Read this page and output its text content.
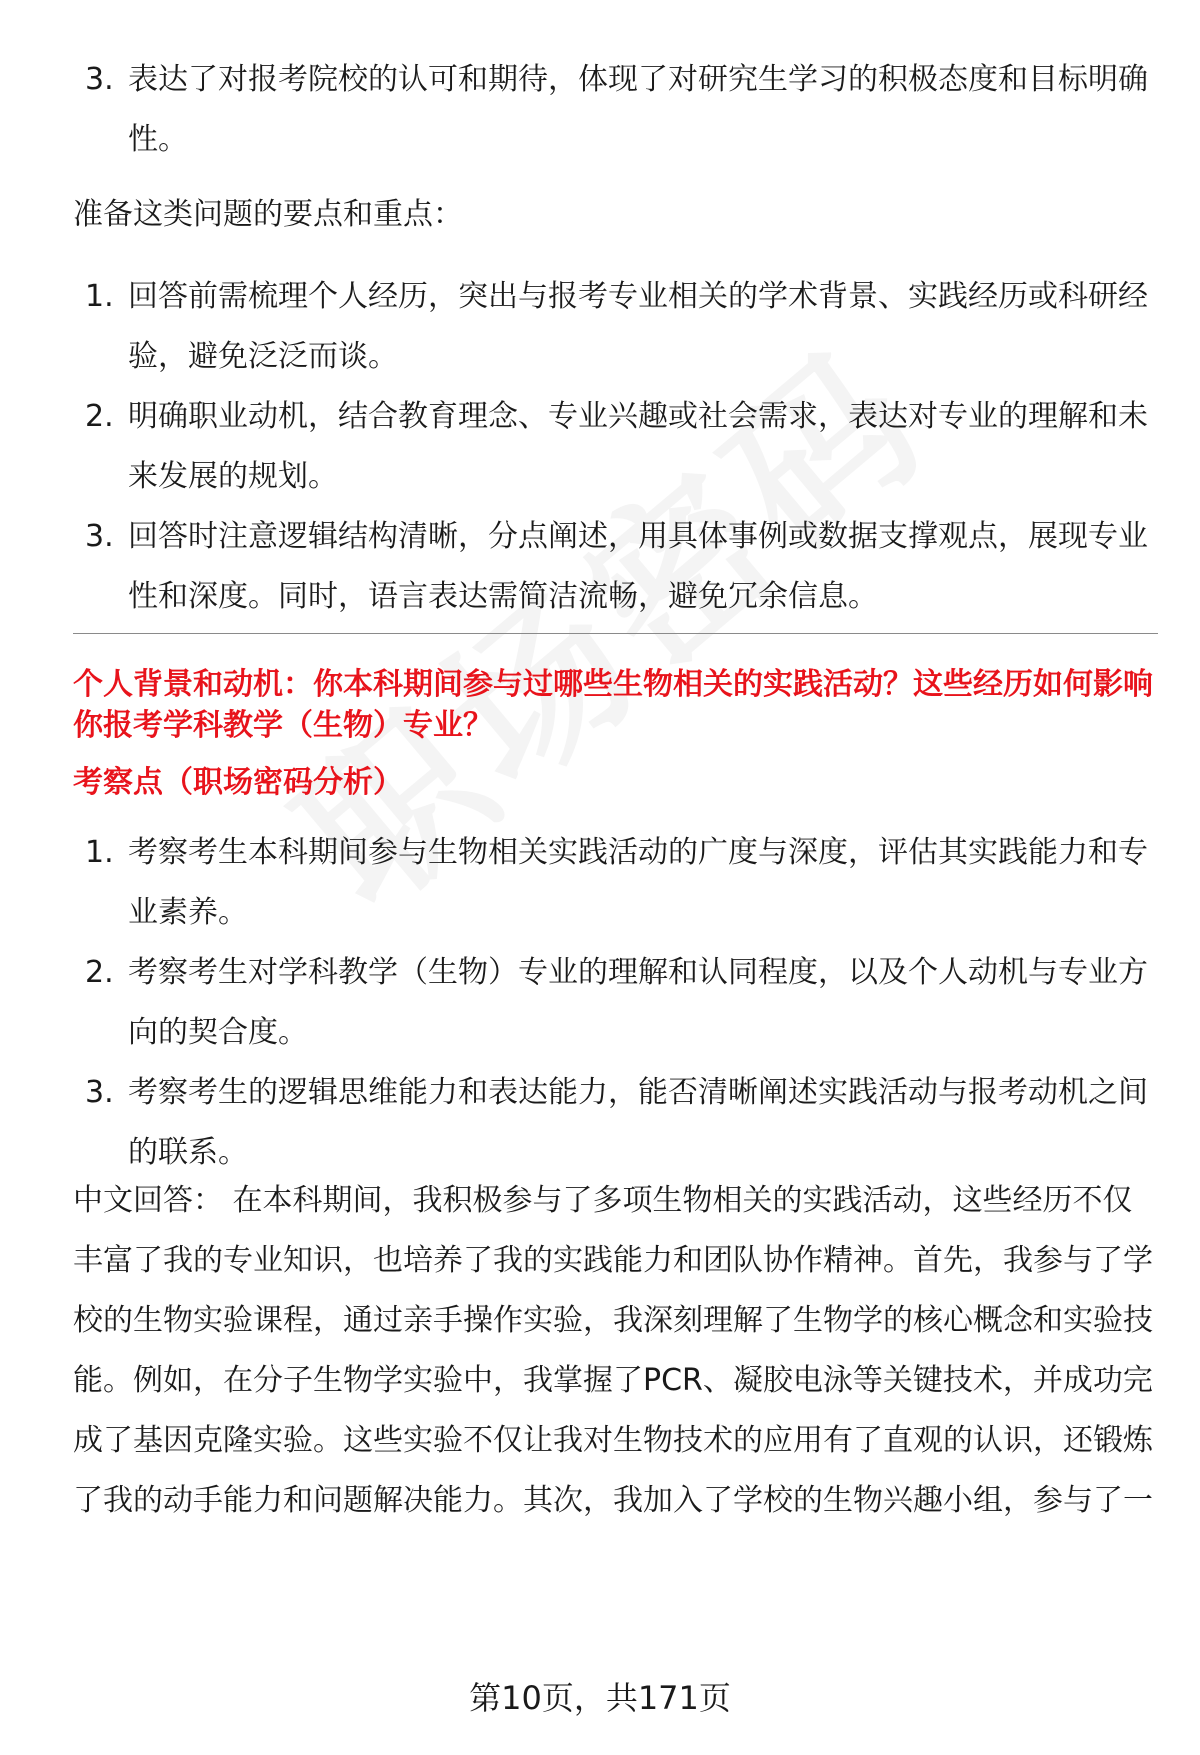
3. 表达了对报考院校的认可和期待，体现了对研究生学习的积极态度和目标明确性。

准备这类问题的要点和重点：

1. 回答前需梳理个人经历，突出与报考专业相关的学术背景、实践经历或科研经验，避免泛泛而谈。
2. 明确职业动机，结合教育理念、专业兴趣或社会需求，表达对专业的理解和未来发展的规划。
3. 回答时注意逻辑结构清晰，分点阐述，用具体事例或数据支撑观点，展现专业性和深度。同时，语言表达需简洁流畅，避免冗余信息。

个人背景和动机：你本科期间参与过哪些生物相关的实践活动？这些经历如何影响你报考学科教学（生物）专业？

考察点（职场密码分析）

1. 考察考生本科期间参与生物相关实践活动的广度与深度，评估其实践能力和专业素养。
2. 考察考生对学科教学（生物）专业的理解和认同程度，以及个人动机与专业方向的契合度。
3. 考察考生的逻辑思维能力和表达能力，能否清晰阐述实践活动与报考动机之间的联系。

中文回答： 在本科期间，我积极参与了多项生物相关的实践活动，这些经历不仅丰富了我的专业知识，也培养了我的实践能力和团队协作精神。首先，我参与了学校的生物实验课程，通过亲手操作实验，我深刻理解了生物学的核心概念和实验技能。例如，在分子生物学实验中，我掌握了PCR、凝胶电泳等关键技术，并成功完成了基因克隆实验。这些实验不仅让我对生物技术的应用有了直观的认识，还锻炼了我的动手能力和问题解决能力。其次，我加入了学校的生物兴趣小组，参与了一

第10页，共171页
